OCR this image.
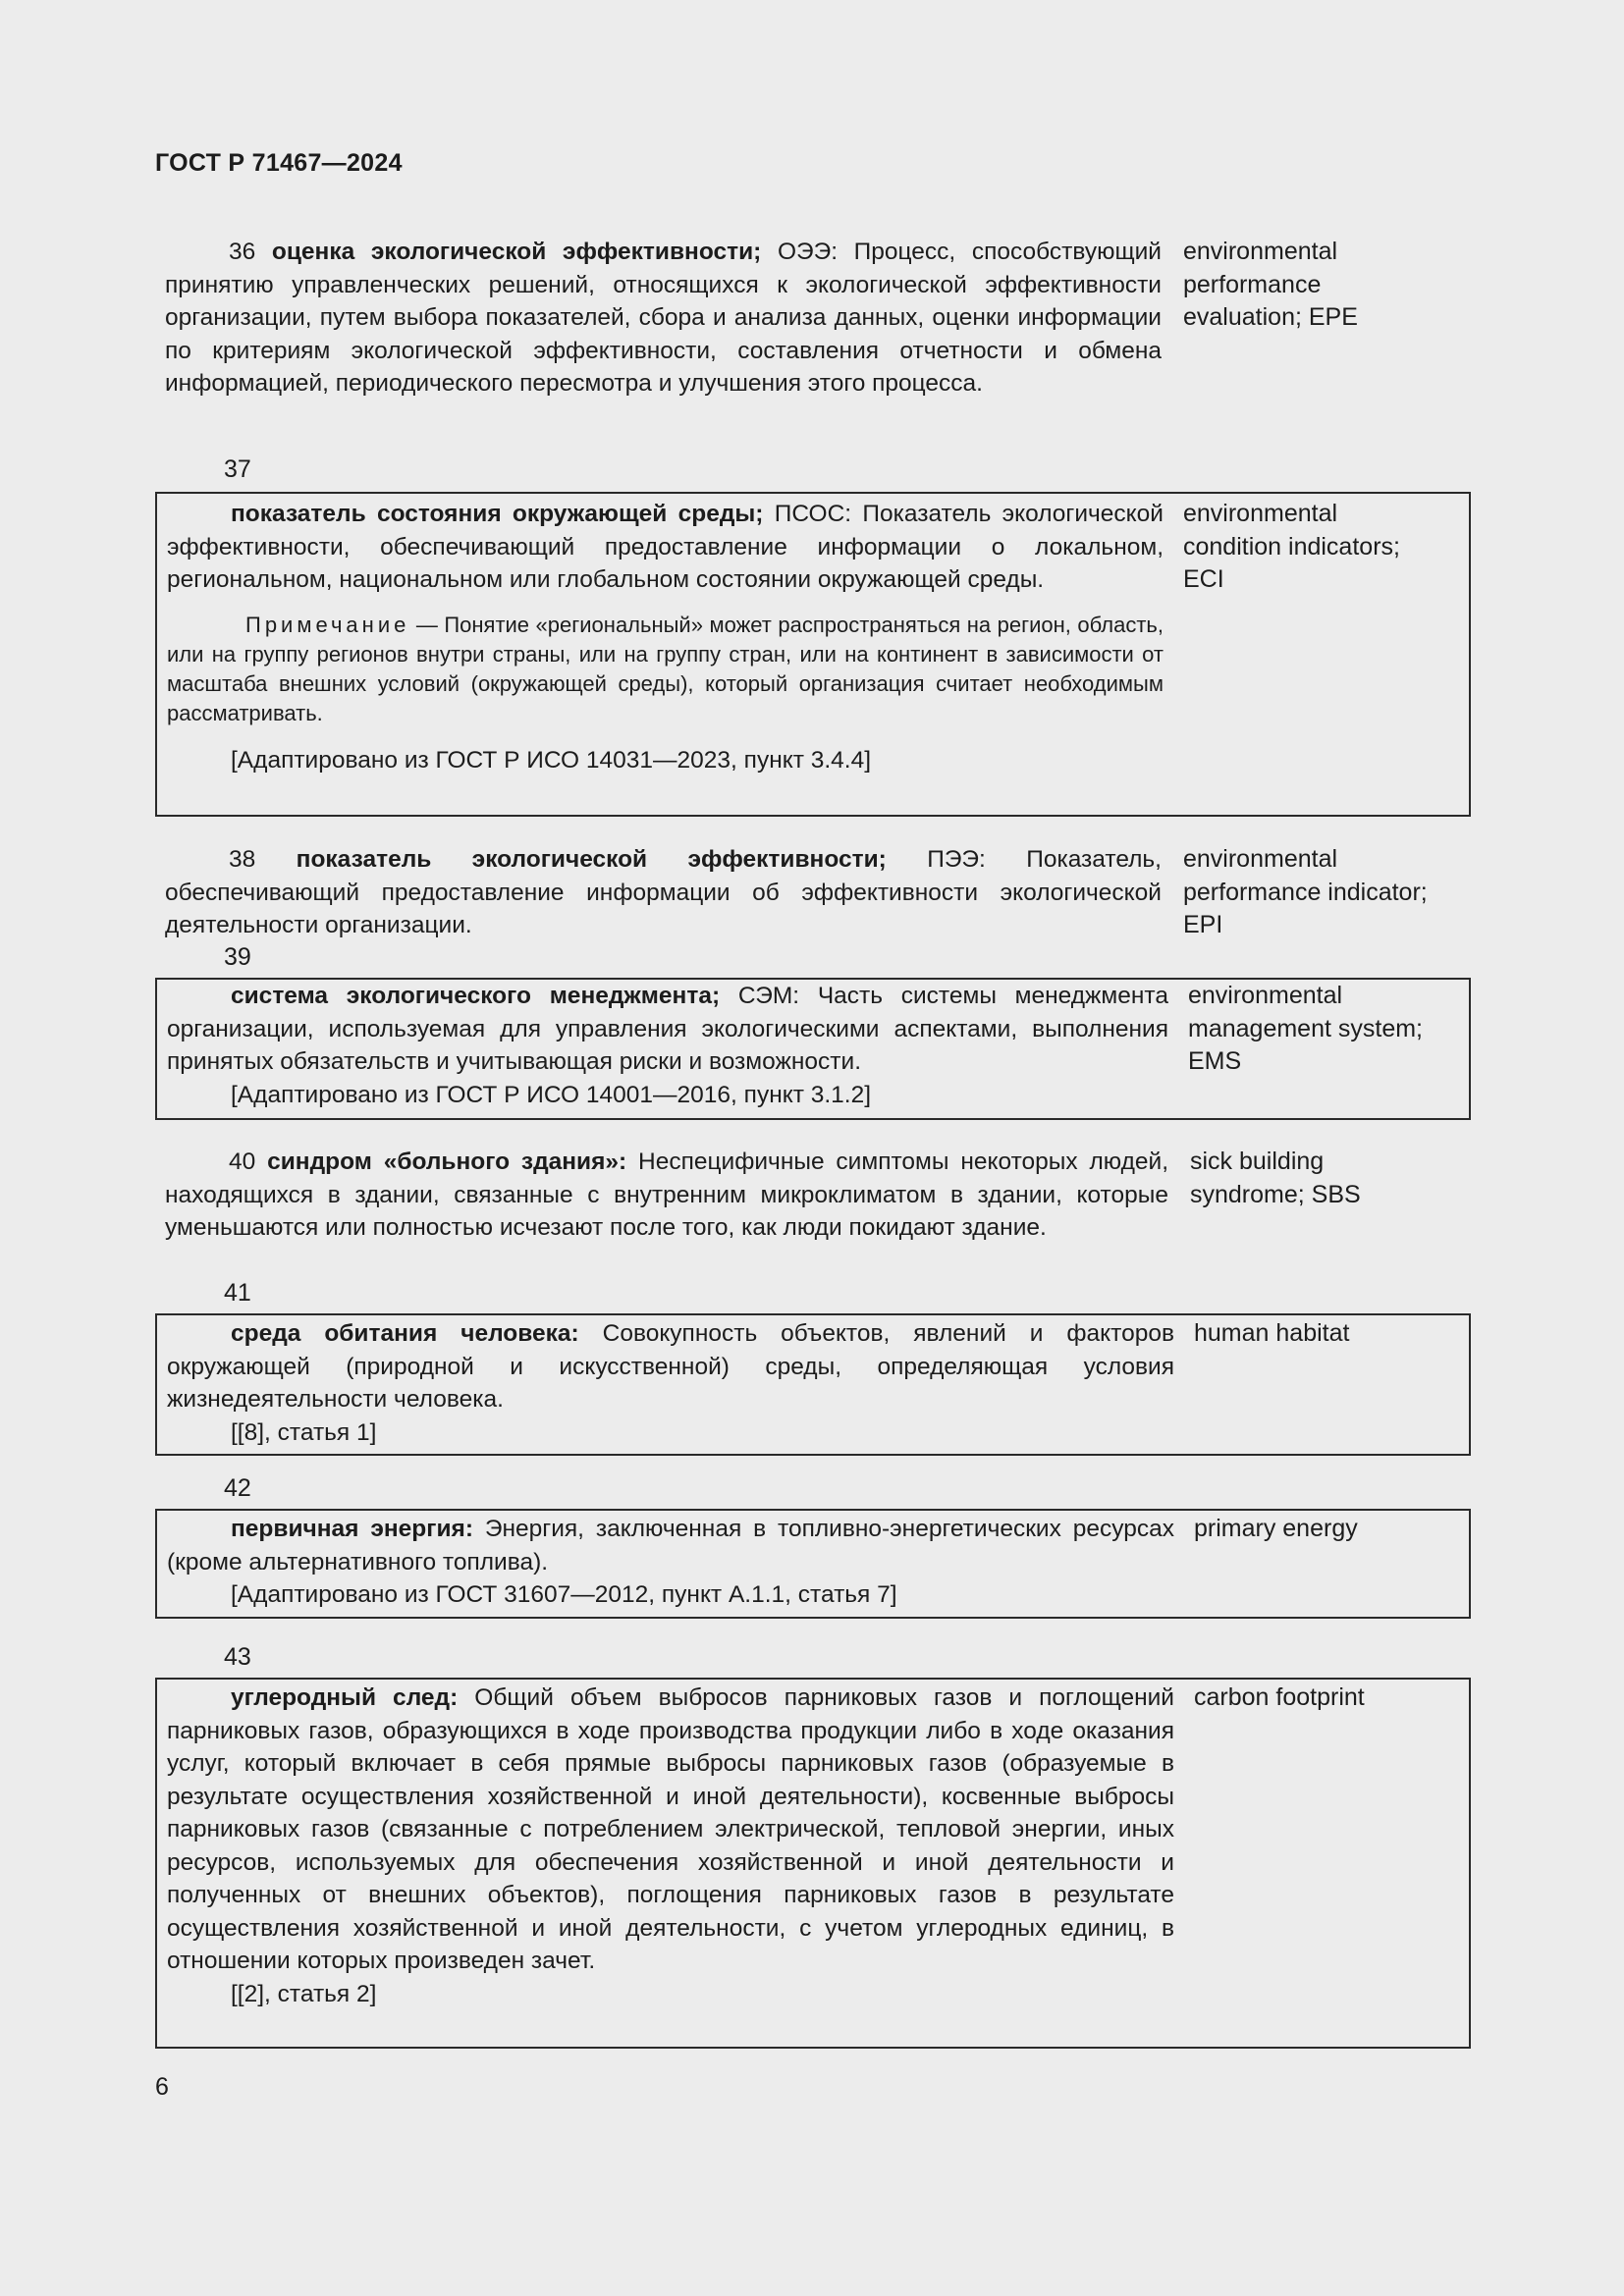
ГОСТ Р 71467—2024

36 оценка экологической эффективности; ОЭЭ: Процесс, способствующий принятию управленческих решений, относящихся к экологической эффективности организации, путем выбора показателей, сбора и анализа данных, оценки информации по критериям экологической эффективности, составления отчетности и обмена информацией, периодического пересмотра и улучшения этого процесса.

environmental
performance
evaluation; EPE
37

показатель состояния окружающей среды; ПСОС: Показатель экологической эффективности, обеспечивающий предоставление информации о локальном, региональном, национальном или глобальном состоянии окружающей среды.

Примечание — Понятие «региональный» может распространяться на регион, область, или на группу регионов внутри страны, или на группу стран, или на континент в зависимости от масштаба внешних условий (окружающей среды), который организация считает необходимым рассматривать.

[Адаптировано из ГОСТ Р ИСО 14031—2023, пункт 3.4.4]

environmental
condition indicators;
ECI

38 показатель экологической эффективности; ПЭЭ: Показатель, обеспечивающий предоставление информации об эффективности экологической деятельности организации.

environmental
performance indicator;
EPI
39

система экологического менеджмента; СЭМ: Часть системы менеджмента организации, используемая для управления экологическими аспектами, выполнения принятых обязательств и учитывающая риски и возможности.

[Адаптировано из ГОСТ Р ИСО 14001—2016, пункт 3.1.2]

environmental
management system;
EMS

40 синдром «больного здания»: Неспецифичные симптомы некоторых людей, находящихся в здании, связанные с внутренним микроклиматом в здании, которые уменьшаются или полностью исчезают после того, как люди покидают здание.

sick building
syndrome; SBS
41

среда обитания человека: Совокупность объектов, явлений и факторов окружающей (природной и искусственной) среды, определяющая условия жизнедеятельности человека.

[[8], статья 1]

human habitat
42

первичная энергия: Энергия, заключенная в топливно-энергетических ресурсах (кроме альтернативного топлива).

[Адаптировано из ГОСТ 31607—2012, пункт А.1.1, статья 7]

primary energy
43

углеродный след: Общий объем выбросов парниковых газов и поглощений парниковых газов, образующихся в ходе производства продукции либо в ходе оказания услуг, который включает в себя прямые выбросы парниковых газов (образуемые в результате осуществления хозяйственной и иной деятельности), косвенные выбросы парниковых газов (связанные с потреблением электрической, тепловой энергии, иных ресурсов, используемых для обеспечения хозяйственной и иной деятельности и полученных от внешних объектов), поглощения парниковых газов в результате осуществления хозяйственной и иной деятельности, с учетом углеродных единиц, в отношении которых произведен зачет.

[[2], статья 2]

carbon footprint
6
